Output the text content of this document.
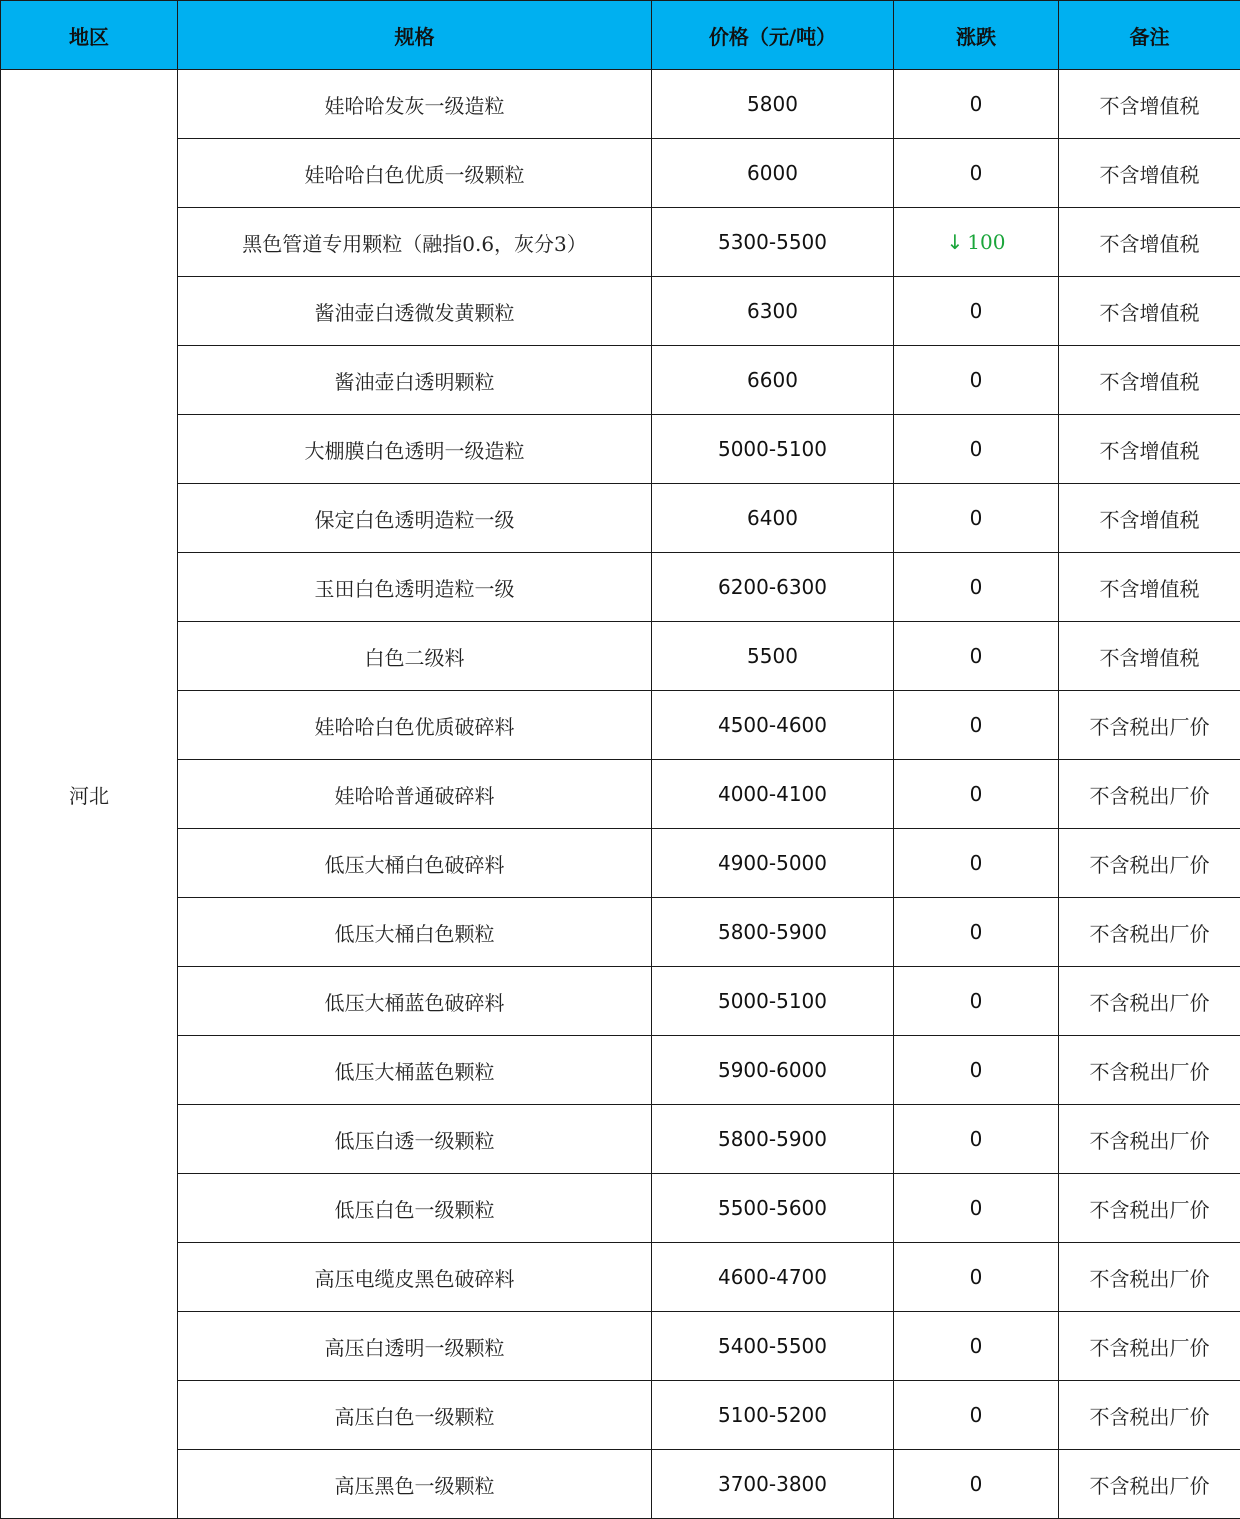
地区	规格	价格（元/吨）	涨跌	备注
河北	娃哈哈发灰一级造粒	5800	0	不含增值税
	娃哈哈白色优质一级颗粒	6000	0	不含增值税
	黑色管道专用颗粒（融指0.6，灰分3）	5300-5500	↓ 100	不含增值税
	酱油壶白透微发黄颗粒	6300	0	不含增值税
	酱油壶白透明颗粒	6600	0	不含增值税
	大棚膜白色透明一级造粒	5000-5100	0	不含增值税
	保定白色透明造粒一级	6400	0	不含增值税
	玉田白色透明造粒一级	6200-6300	0	不含增值税
	白色二级料	5500	0	不含增值税
	娃哈哈白色优质破碎料	4500-4600	0	不含税出厂价
	娃哈哈普通破碎料	4000-4100	0	不含税出厂价
	低压大桶白色破碎料	4900-5000	0	不含税出厂价
	低压大桶白色颗粒	5800-5900	0	不含税出厂价
	低压大桶蓝色破碎料	5000-5100	0	不含税出厂价
	低压大桶蓝色颗粒	5900-6000	0	不含税出厂价
	低压白透一级颗粒	5800-5900	0	不含税出厂价
	低压白色一级颗粒	5500-5600	0	不含税出厂价
	高压电缆皮黑色破碎料	4600-4700	0	不含税出厂价
	高压白透明一级颗粒	5400-5500	0	不含税出厂价
	高压白色一级颗粒	5100-5200	0	不含税出厂价
	高压黑色一级颗粒	3700-3800	0	不含税出厂价
